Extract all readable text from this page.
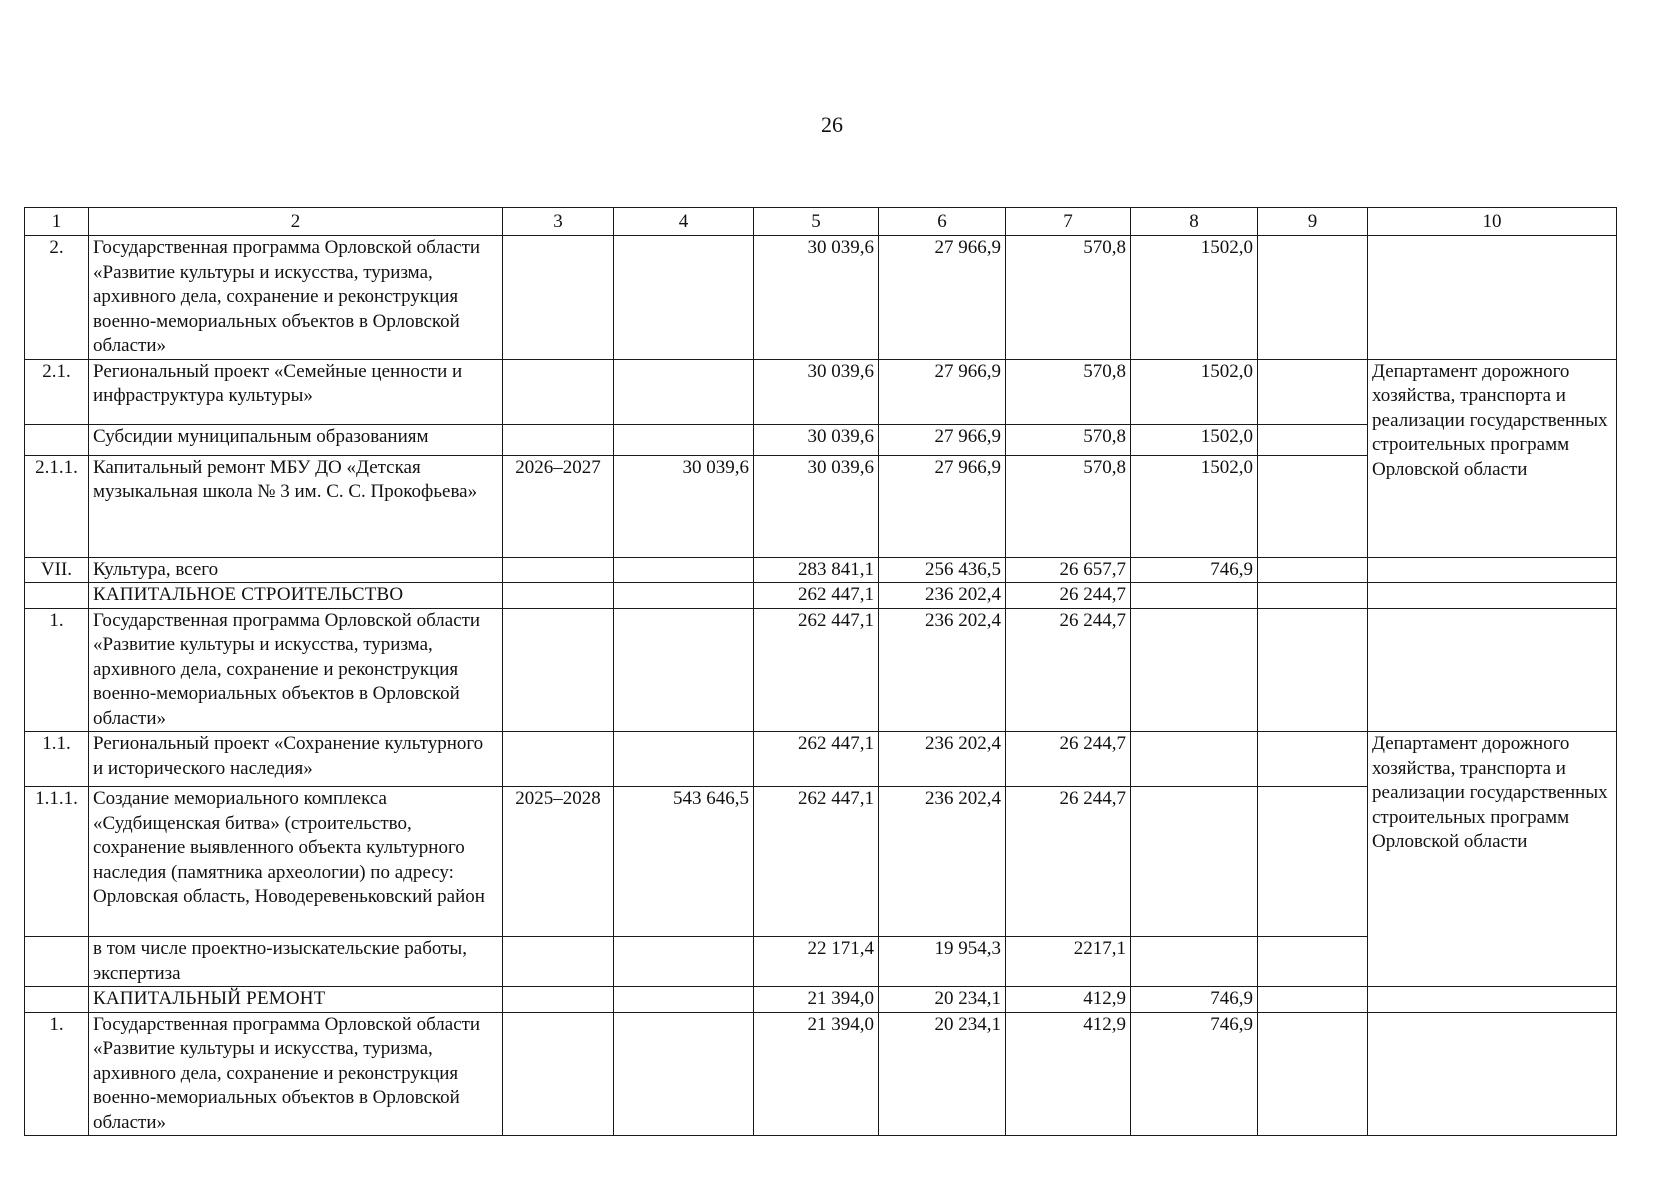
26
1	2	3	4	5	6	7	8	9	10
2.	Государственная программа Орловской области «Развитие культуры и искусства, туризма, архивного дела, сохранение и реконструкция военно-мемориальных объектов в Орловской области»			30 039,6	27 966,9	570,8	1502,0		
2.1.	Региональный проект «Семейные ценности и инфраструктура культуры»			30 039,6	27 966,9	570,8	1502,0		Департамент дорожного хозяйства, транспорта и реализации государственных строительных программ Орловской области
	Субсидии муниципальным образованиям			30 039,6	27 966,9	570,8	1502,0		
2.1.1.	Капитальный ремонт МБУ ДО «Детская музыкальная школа № 3 им. С. С. Прокофьева»	2026–2027	30 039,6	30 039,6	27 966,9	570,8	1502,0		
VII.	Культура, всего			283 841,1	256 436,5	26 657,7	746,9		
	КАПИТАЛЬНОЕ СТРОИТЕЛЬСТВО			262 447,1	236 202,4	26 244,7			
1.	Государственная программа Орловской области «Развитие культуры и искусства, туризма, архивного дела, сохранение и реконструкция военно-мемориальных объектов в Орловской области»			262 447,1	236 202,4	26 244,7			
1.1.	Региональный проект «Сохранение культурного и исторического наследия»			262 447,1	236 202,4	26 244,7			Департамент дорожного хозяйства, транспорта и реализации государственных строительных программ Орловской области
1.1.1.	Создание мемориального комплекса «Судбищенская битва» (строительство, сохранение выявленного объекта культурного наследия (памятника археологии) по адресу: Орловская область, Новодеревеньковский район	2025–2028	543 646,5	262 447,1	236 202,4	26 244,7			
	в том числе проектно-изыскательские работы, экспертиза			22 171,4	19 954,3	2217,1			
	КАПИТАЛЬНЫЙ РЕМОНТ			21 394,0	20 234,1	412,9	746,9		
1.	Государственная программа Орловской области «Развитие культуры и искусства, туризма, архивного дела, сохранение и реконструкция военно-мемориальных объектов в Орловской области»			21 394,0	20 234,1	412,9	746,9		
